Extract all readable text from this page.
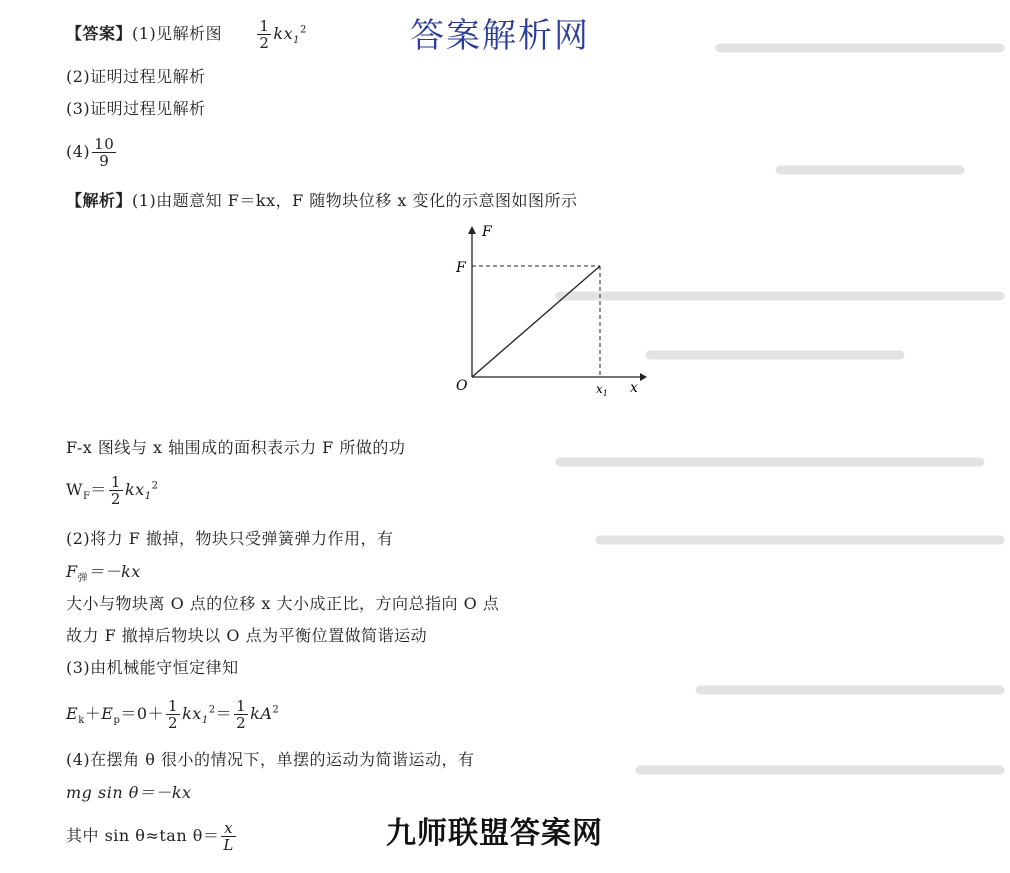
答案解析网
【答案】(1)见解析图 $\frac{1}{2} kx_1^2$
(2)证明过程见解析
(3)证明过程见解析
$(4) \frac{10}{9}$
【解析】(1)由题意知 F＝kx，F 随物块位移 x 变化的示意图如图所示
F
F
O	$x_1$ x
F-x 图线与 x 轴围成的面积表示力 F 所做的功
$W_F= \frac{1}{2} kx_1^2$
(2)将力 F 撤掉，物块只受弹簧弹力作用，有
$F_弹=-kx$
大小与物块离 O 点的位移 x 大小成正比，方向总指向 O 点
故力 F 撤掉后物块以 O 点为平衡位置做简谐运动
(3)由机械能守恒定律知
$E_k+E_p=0+ \frac{1}{2} kx_1^2= \frac{1}{2} kA^2$
(4)在摆角 θ 很小的情况下，单摆的运动为简谐运动，有
mg sin θ＝－kx
其中 sin θ≈tan $\theta= \frac{x}{L}$	九师联盟答案网
